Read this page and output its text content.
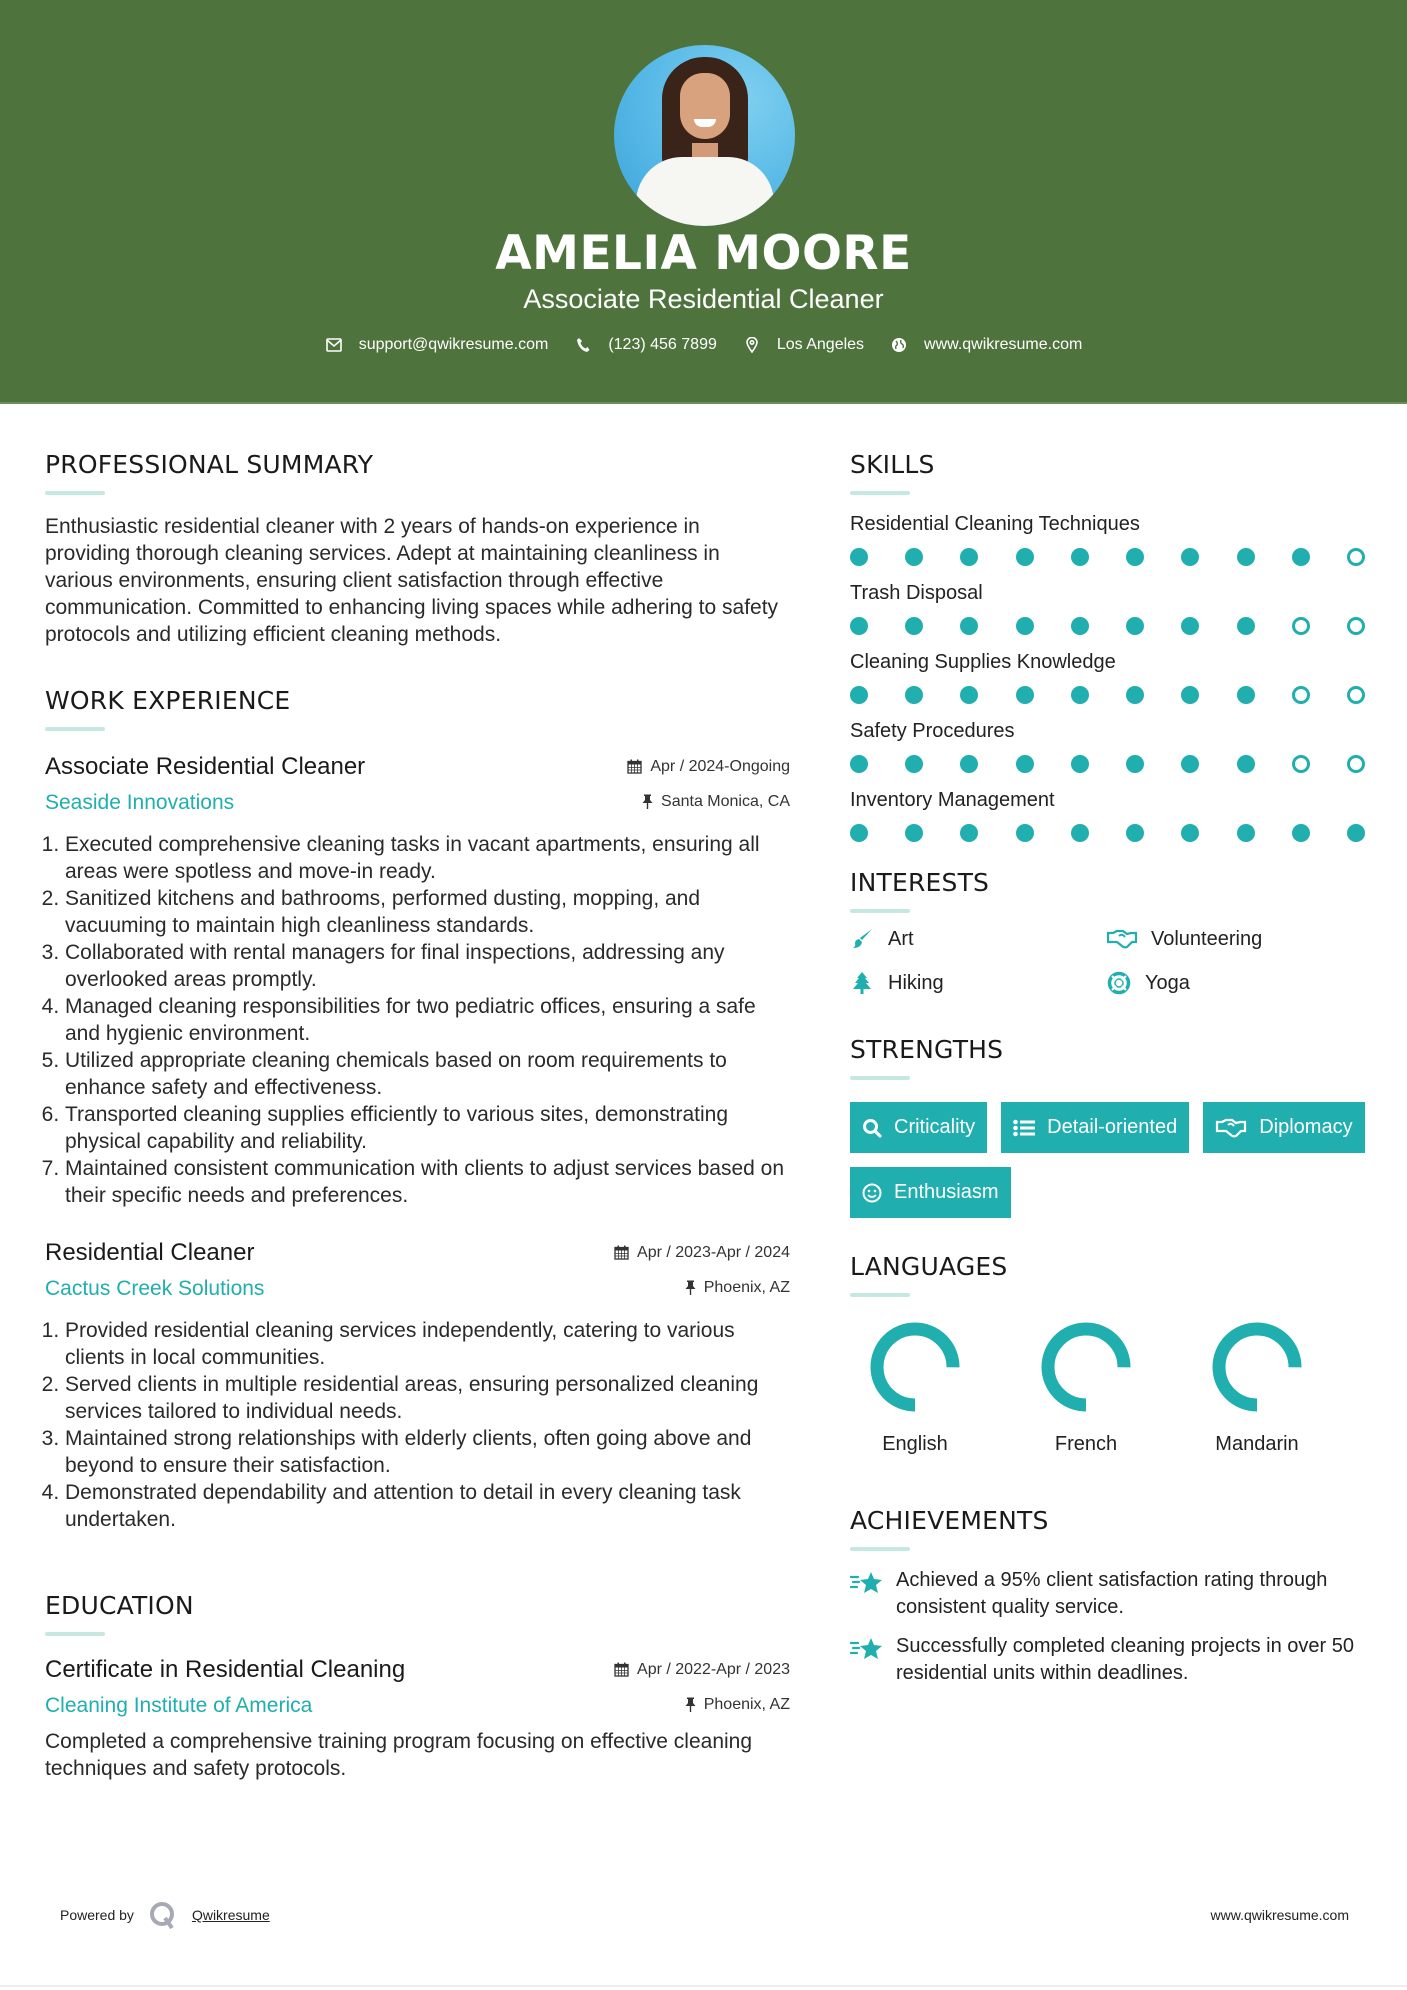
AMELIA MOORE
Associate Residential Cleaner
support@qwikresume.com	(123) 456 7899	Los Angeles	www.qwikresume.com
PROFESSIONAL SUMMARY

Enthusiastic residential cleaner with 2 years of hands-on experience in providing thorough cleaning services. Adept at maintaining cleanliness in various environments, ensuring client satisfaction through effective communication. Committed to enhancing living spaces while adhering to safety protocols and utilizing efficient cleaning methods.

WORK EXPERIENCE
Associate Residential Cleaner	Apr / 2024-Ongoing
Seaside Innovations	Santa Monica, CA
1. Executed comprehensive cleaning tasks in vacant apartments, ensuring all areas were spotless and move-in ready.
2. Sanitized kitchens and bathrooms, performed dusting, mopping, and vacuuming to maintain high cleanliness standards.
3. Collaborated with rental managers for final inspections, addressing any overlooked areas promptly.
4. Managed cleaning responsibilities for two pediatric offices, ensuring a safe and hygienic environment.
5. Utilized appropriate cleaning chemicals based on room requirements to enhance safety and effectiveness.
6. Transported cleaning supplies efficiently to various sites, demonstrating physical capability and reliability.
7. Maintained consistent communication with clients to adjust services based on their specific needs and preferences.
Residential Cleaner	Apr / 2023-Apr / 2024
Cactus Creek Solutions	Phoenix, AZ
1. Provided residential cleaning services independently, catering to various clients in local communities.
2. Served clients in multiple residential areas, ensuring personalized cleaning services tailored to individual needs.
3. Maintained strong relationships with elderly clients, often going above and beyond to ensure their satisfaction.
4. Demonstrated dependability and attention to detail in every cleaning task undertaken.
EDUCATION
Certificate in Residential Cleaning	Apr / 2022-Apr / 2023
Cleaning Institute of America	Phoenix, AZ

Completed a comprehensive training program focusing on effective cleaning techniques and safety protocols.

SKILLS
Residential Cleaning Techniques
Trash Disposal
Cleaning Supplies Knowledge
Safety Procedures
Inventory Management
INTERESTS
Art	Volunteering
Hiking	Yoga
STRENGTHS
Criticality	Detail-oriented	Diplomacy
Enthusiasm
LANGUAGES
English	French	Mandarin
ACHIEVEMENTS
Achieved a 95% client satisfaction rating through consistent quality service.
Successfully completed cleaning projects in over 50 residential units within deadlines.
Powered by	Qwikresume	www.qwikresume.com
